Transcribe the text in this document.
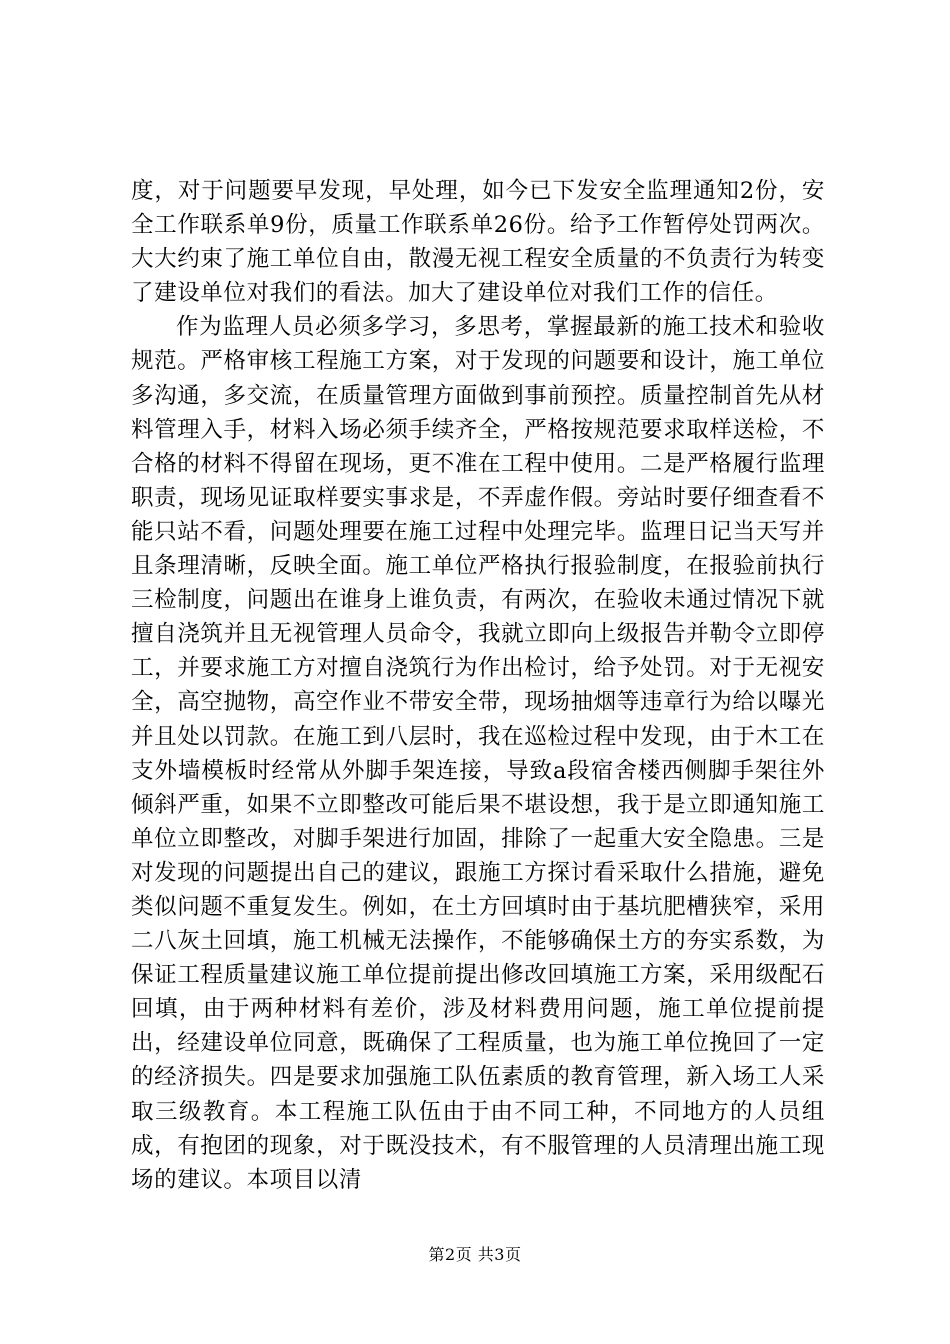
度，对于问题要早发现，早处理，如今已下发安全监理通知2份，安全工作联系单9份，质量工作联系单26份。给予工作暂停处罚两次。大大约束了施工单位自由，散漫无视工程安全质量的不负责行为转变了建设单位对我们的看法。加大了建设单位对我们工作的信任。

作为监理人员必须多学习，多思考，掌握最新的施工技术和验收规范。严格审核工程施工方案，对于发现的问题要和设计，施工单位多沟通，多交流，在质量管理方面做到事前预控。质量控制首先从材料管理入手，材料入场必须手续齐全，严格按规范要求取样送检，不合格的材料不得留在现场，更不准在工程中使用。二是严格履行监理职责，现场见证取样要实事求是，不弄虚作假。旁站时要仔细查看不能只站不看，问题处理要在施工过程中处理完毕。监理日记当天写并且条理清晰，反映全面。施工单位严格执行报验制度，在报验前执行三检制度，问题出在谁身上谁负责，有两次，在验收未通过情况下就擅自浇筑并且无视管理人员命令，我就立即向上级报告并勒令立即停工，并要求施工方对擅自浇筑行为作出检讨，给予处罚。对于无视安全，高空抛物，高空作业不带安全带，现场抽烟等违章行为给以曝光并且处以罚款。在施工到八层时，我在巡检过程中发现，由于木工在支外墙模板时经常从外脚手架连接，导致a段宿舍楼西侧脚手架往外倾斜严重，如果不立即整改可能后果不堪设想，我于是立即通知施工单位立即整改，对脚手架进行加固，排除了一起重大安全隐患。三是对发现的问题提出自己的建议，跟施工方探讨看采取什么措施，避免类似问题不重复发生。例如，在土方回填时由于基坑肥槽狭窄，采用二八灰土回填，施工机械无法操作，不能够确保土方的夯实系数，为保证工程质量建议施工单位提前提出修改回填施工方案，采用级配石回填，由于两种材料有差价，涉及材料费用问题，施工单位提前提出，经建设单位同意，既确保了工程质量，也为施工单位挽回了一定的经济损失。四是要求加强施工队伍素质的教育管理，新入场工人采取三级教育。本工程施工队伍由于由不同工种，不同地方的人员组成，有抱团的现象，对于既没技术，有不服管理的人员清理出施工现场的建议。本项目以清

第2页 共3页
